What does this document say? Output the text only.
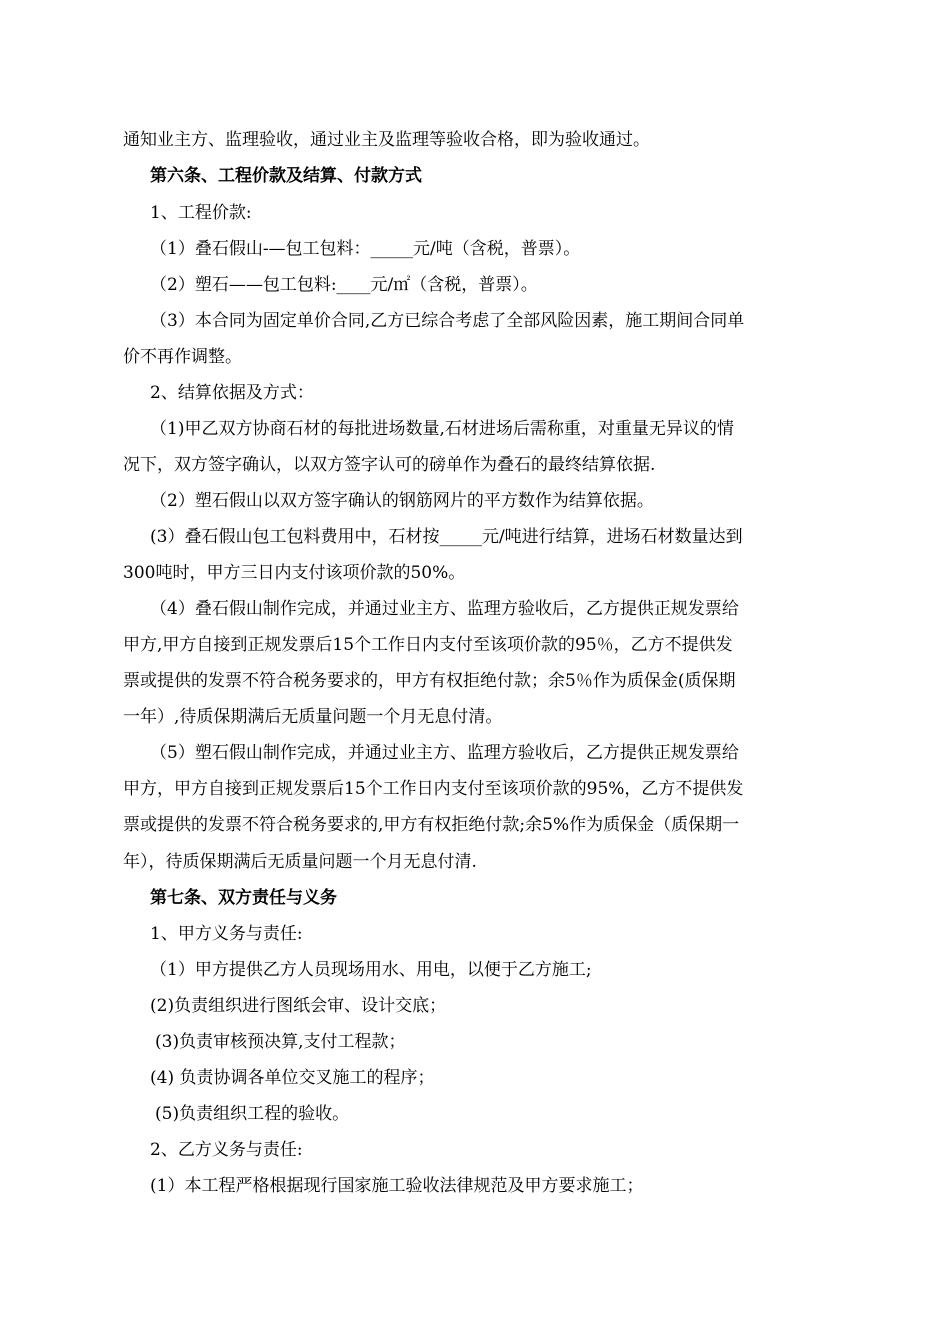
通知业主方、监理验收，通过业主及监理等验收合格，即为验收通过。
第六条、工程价款及结算、付款方式
1、工程价款:
（1）叠石假山-—包工包料：_____元/吨（含税，普票）。
（2）塑石——包工包料:____元/㎡（含税，普票）。
（3）本合同为固定单价合同,乙方已综合考虑了全部风险因素，施工期间合同单
价不再作调整。
2、结算依据及方式：
（1)甲乙双方协商石材的每批进场数量,石材进场后需称重，对重量无异议的情
况下，双方签字确认，以双方签字认可的磅单作为叠石的最终结算依据.
（2）塑石假山以双方签字确认的钢筋网片的平方数作为结算依据。
(3）叠石假山包工包料费用中，石材按_____元/吨进行结算，进场石材数量达到
300吨时，甲方三日内支付该项价款的50%。
（4）叠石假山制作完成，并通过业主方、监理方验收后，乙方提供正规发票给
甲方,甲方自接到正规发票后15个工作日内支付至该项价款的95％，乙方不提供发
票或提供的发票不符合税务要求的，甲方有权拒绝付款；余5％作为质保金(质保期
一年）,待质保期满后无质量问题一个月无息付清。
（5）塑石假山制作完成，并通过业主方、监理方验收后，乙方提供正规发票给
甲方，甲方自接到正规发票后15个工作日内支付至该项价款的95%，乙方不提供发
票或提供的发票不符合税务要求的,甲方有权拒绝付款;余5%作为质保金（质保期一
年），待质保期满后无质量问题一个月无息付清.
第七条、双方责任与义务
1、甲方义务与责任:
（1）甲方提供乙方人员现场用水、用电，以便于乙方施工;
(2)负责组织进行图纸会审、设计交底；
(3)负责审核预决算,支付工程款；
(4) 负责协调各单位交叉施工的程序；
(5)负责组织工程的验收。
2、乙方义务与责任:
(1）本工程严格根据现行国家施工验收法律规范及甲方要求施工；
